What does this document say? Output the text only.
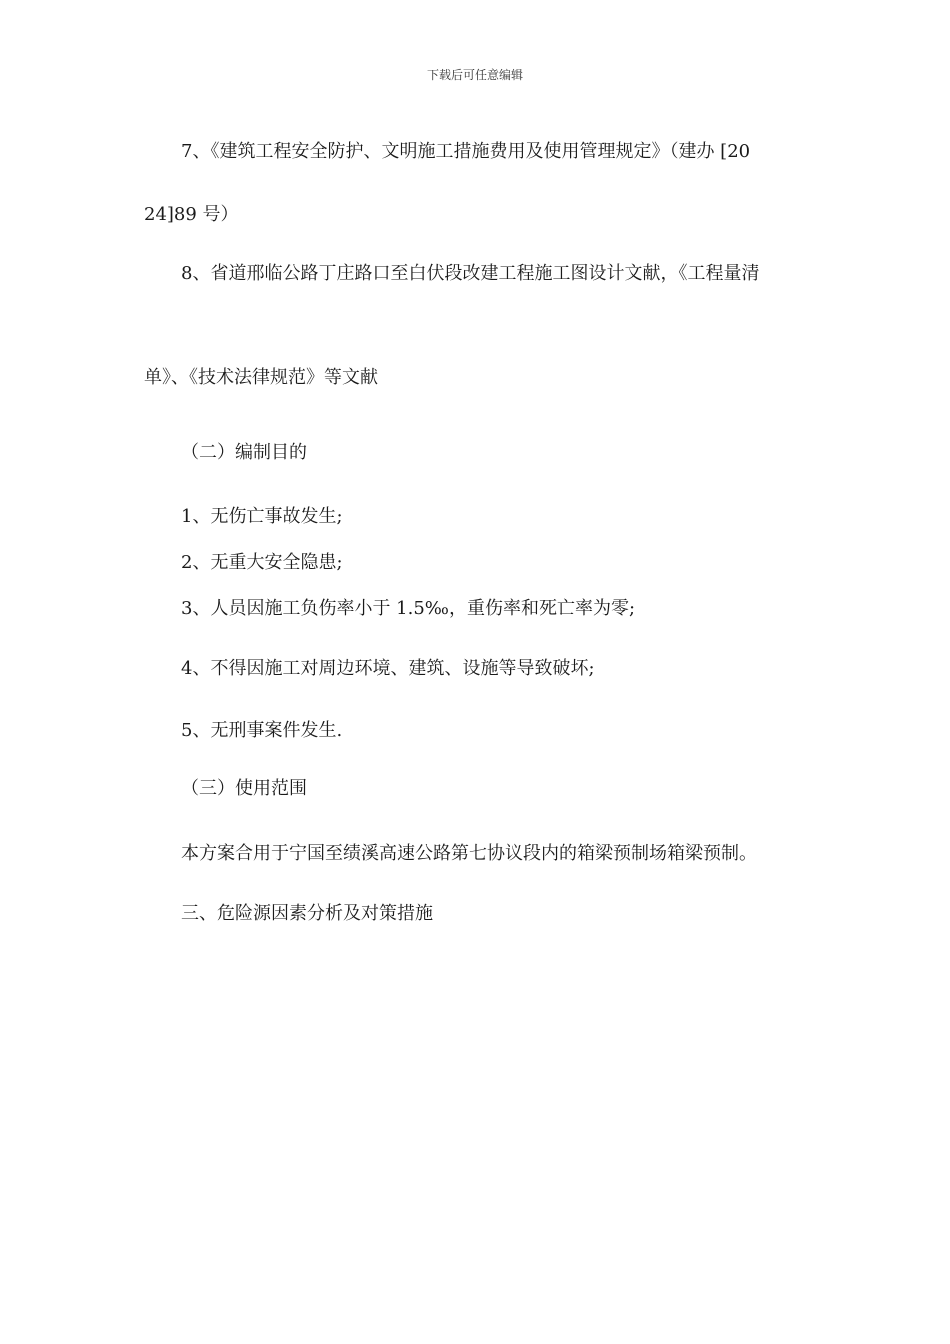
下载后可任意编辑
7、《建筑工程安全防护、文明施工措施费用及使用管理规定》（建办 [20
24]89 号）
8、省道邢临公路丁庄路口至白伏段改建工程施工图设计文献，《工程量清
单》、《技术法律规范》等文献
（二）编制目的
1、无伤亡事故发生;
2、无重大安全隐患;
3、人员因施工负伤率小于 1.5‰，重伤率和死亡率为零;
4、不得因施工对周边环境、建筑、设施等导致破坏;
5、无刑事案件发生.
（三）使用范围
本方案合用于宁国至绩溪高速公路第七协议段内的箱梁预制场箱梁预制。
三、危险源因素分析及对策措施
